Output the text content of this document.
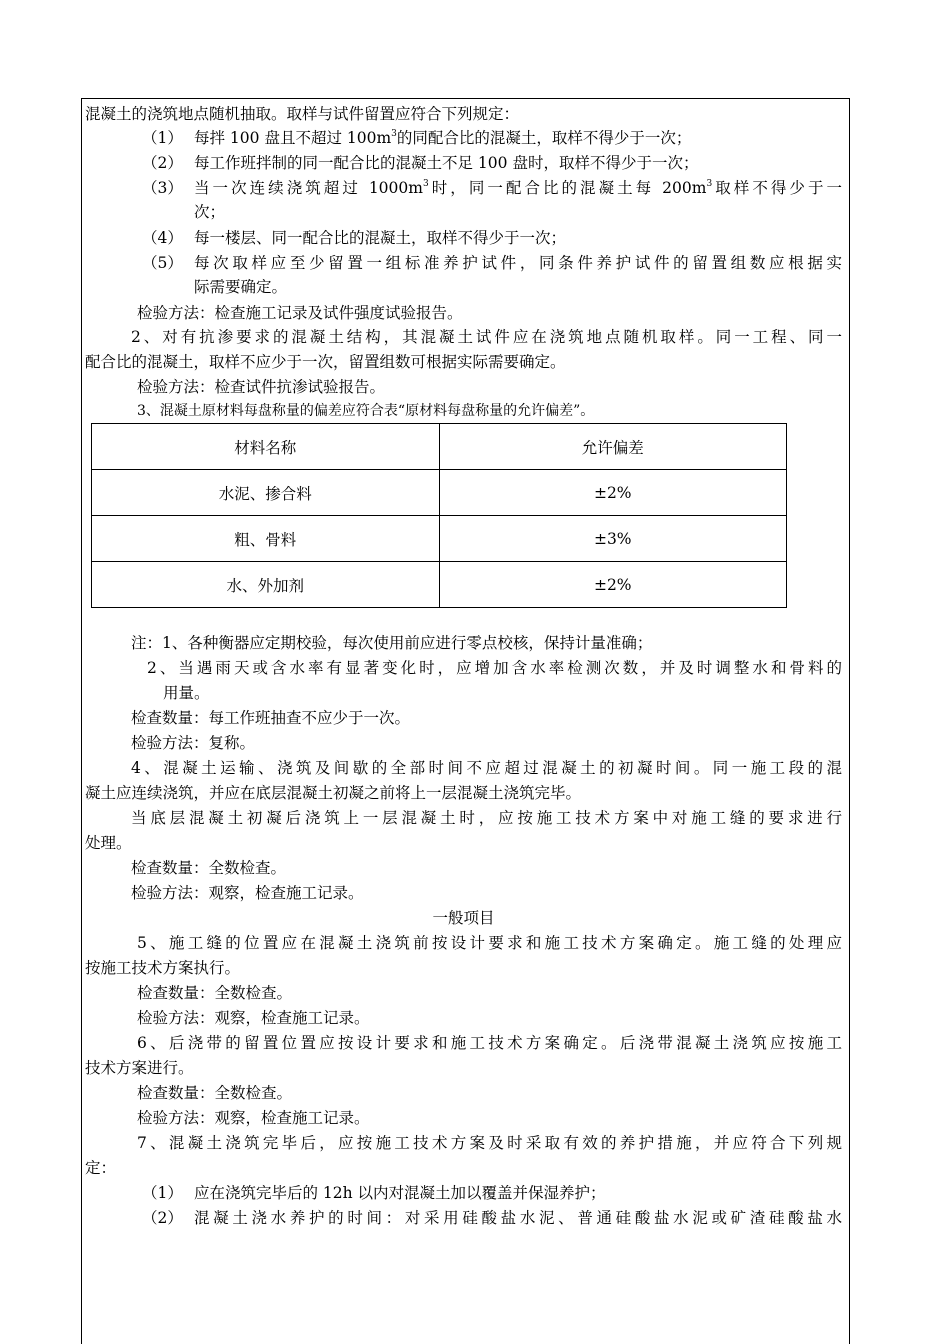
混凝土的浇筑地点随机抽取。取样与试件留置应符合下列规定：
（1） 每拌 100 盘且不超过 $100m^3$的同配合比的混凝土，取样不得少于一次；
（2） 每工作班拌制的同一配合比的混凝土不足 100 盘时，取样不得少于一次；
（3） 当一次连续浇筑超过 $1000m^3$时，同一配合比的混凝土每 $200m^3$取样不得少于一
次；
（4） 每一楼层、同一配合比的混凝土，取样不得少于一次；
（5） 每次取样应至少留置一组标准养护试件，同条件养护试件的留置组数应根据实
际需要确定。
检验方法：检查施工记录及试件强度试验报告。
2、对有抗渗要求的混凝土结构，其混凝土试件应在浇筑地点随机取样。同一工程、同一
配合比的混凝土，取样不应少于一次，留置组数可根据实际需要确定。
检验方法：检查试件抗渗试验报告。
3、混凝土原材料每盘称量的偏差应符合表“原材料每盘称量的允许偏差”。
材料名称	允许偏差
水泥、掺合料	±2%
粗、骨料	±3%
水、外加剂	±2%
注：1、各种衡器应定期校验，每次使用前应进行零点校核，保持计量准确；
2、当遇雨天或含水率有显著变化时，应增加含水率检测次数，并及时调整水和骨料的
用量。
检查数量：每工作班抽查不应少于一次。
检验方法：复称。
4、混凝土运输、浇筑及间歇的全部时间不应超过混凝土的初凝时间。同一施工段的混
凝土应连续浇筑，并应在底层混凝土初凝之前将上一层混凝土浇筑完毕。
当底层混凝土初凝后浇筑上一层混凝土时，应按施工技术方案中对施工缝的要求进行
处理。
检查数量：全数检查。
检验方法：观察，检查施工记录。
一般项目
5、施工缝的位置应在混凝土浇筑前按设计要求和施工技术方案确定。施工缝的处理应
按施工技术方案执行。
检查数量：全数检查。
检验方法：观察，检查施工记录。
6、后浇带的留置位置应按设计要求和施工技术方案确定。后浇带混凝土浇筑应按施工
技术方案进行。
检查数量：全数检查。
检验方法：观察，检查施工记录。
7、混凝土浇筑完毕后，应按施工技术方案及时采取有效的养护措施，并应符合下列规
定：
（1） 应在浇筑完毕后的 12h 以内对混凝土加以覆盖并保湿养护；
（2） 混凝土浇水养护的时间：对采用硅酸盐水泥、普通硅酸盐水泥或矿渣硅酸盐水
